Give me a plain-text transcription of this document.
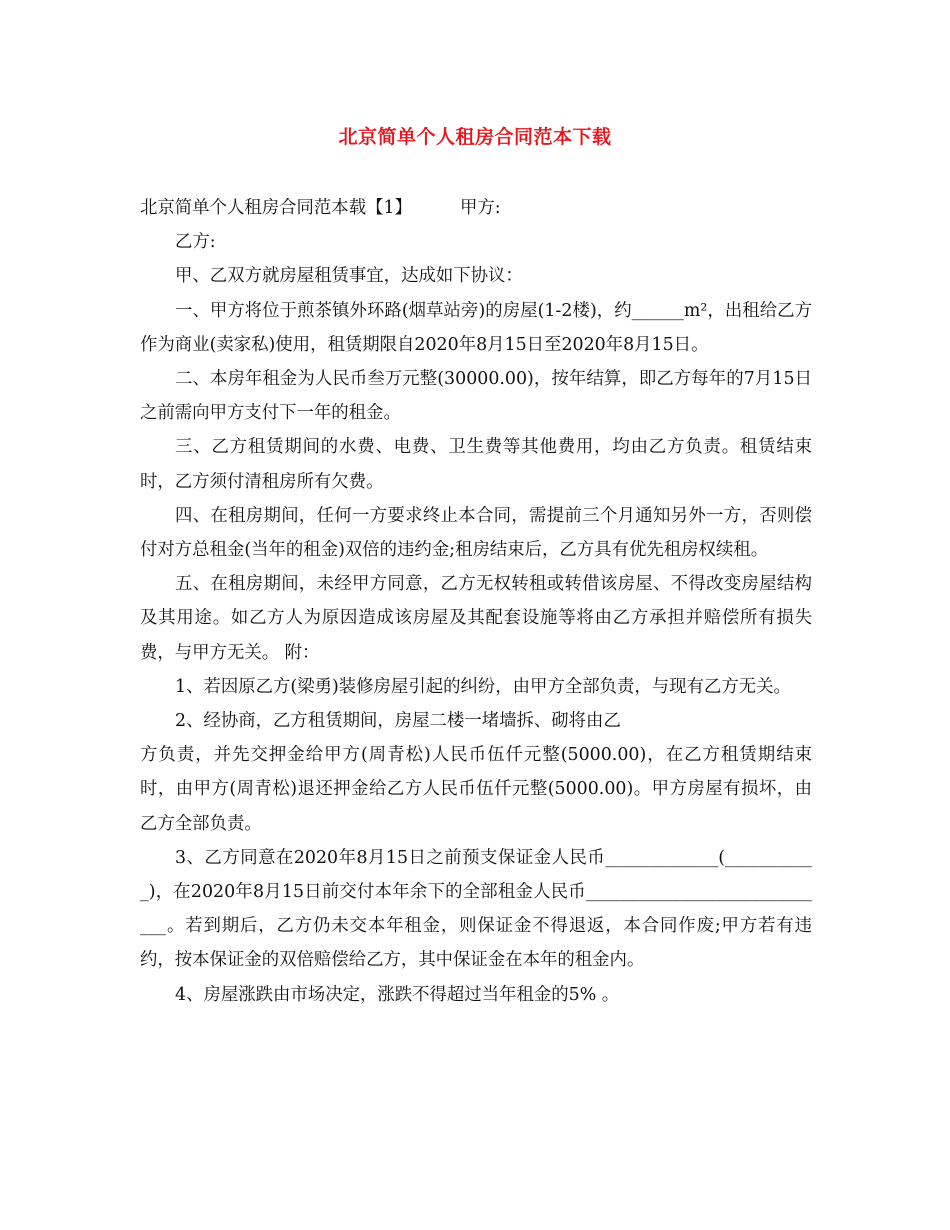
北京简单个人租房合同范本下载

北京简单个人租房合同范本载【1】	甲方:

乙方:

甲、乙双方就房屋租赁事宜，达成如下协议：

一、甲方将位于煎茶镇外环路(烟草站旁)的房屋(1-2楼)，约______m²，出租给乙方作为商业(卖家私)使用，租赁期限自2020年8月15日至2020年8月15日。

二、本房年租金为人民币叁万元整(30000.00)，按年结算，即乙方每年的7月15日之前需向甲方支付下一年的租金。

三、乙方租赁期间的水费、电费、卫生费等其他费用，均由乙方负责。租赁结束时，乙方须付清租房所有欠费。

四、在租房期间，任何一方要求终止本合同，需提前三个月通知另外一方，否则偿付对方总租金(当年的租金)双倍的违约金;租房结束后，乙方具有优先租房权续租。

五、在租房期间，未经甲方同意，乙方无权转租或转借该房屋、不得改变房屋结构及其用途。如乙方人为原因造成该房屋及其配套设施等将由乙方承担并赔偿所有损失费，与甲方无关。 附：

1、若因原乙方(梁勇)装修房屋引起的纠纷，由甲方全部负责，与现有乙方无关。

2、经协商，乙方租赁期间，房屋二楼一堵墙拆、砌将由乙

方负责，并先交押金给甲方(周青松)人民币伍仟元整(5000.00)，在乙方租赁期结束时，由甲方(周青松)退还押金给乙方人民币伍仟元整(5000.00)。甲方房屋有损坏，由乙方全部负责。

3、乙方同意在2020年8月15日之前预支保证金人民币_____________(___________)，在2020年8月15日前交付本年余下的全部租金人民币_____________________________。若到期后，乙方仍未交本年租金，则保证金不得退返，本合同作废;甲方若有违约，按本保证金的双倍赔偿给乙方，其中保证金在本年的租金内。

4、房屋涨跌由市场决定，涨跌不得超过当年租金的5% 。
